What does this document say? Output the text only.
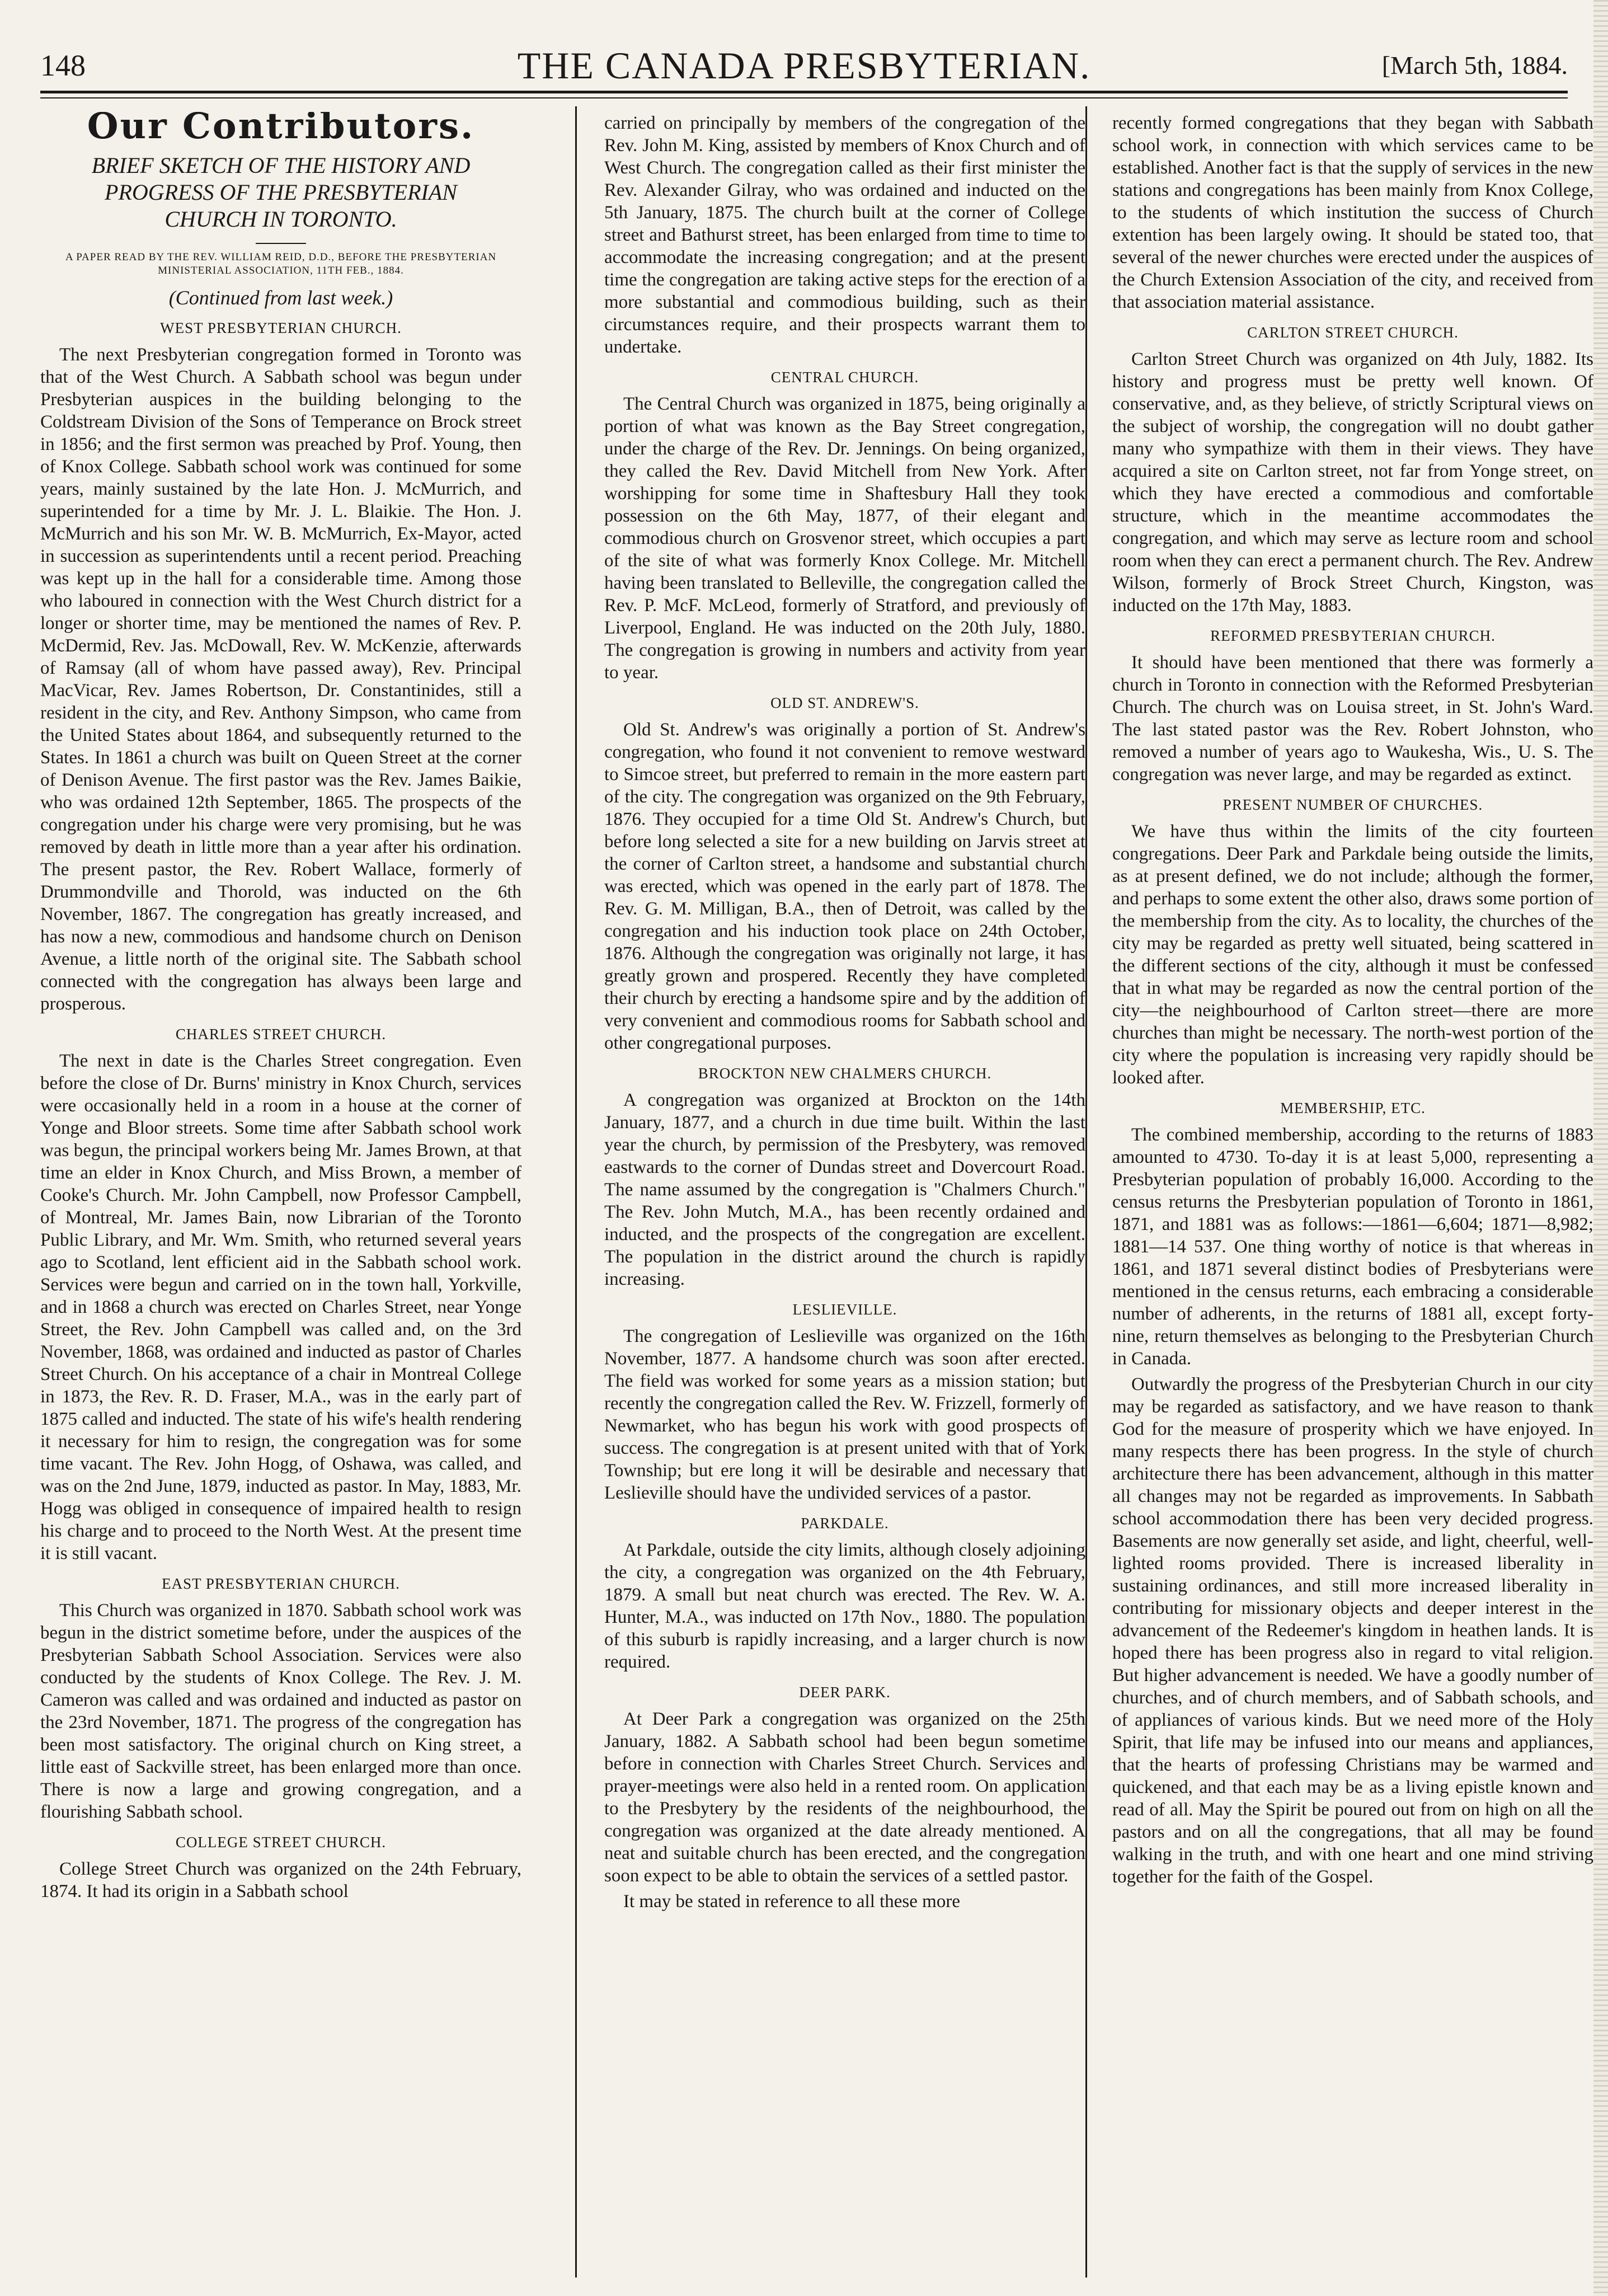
148	THE CANADA PRESBYTERIAN.	[March 5th, 1884.
Our Contributors.
BRIEF SKETCH OF THE HISTORY AND PROGRESS OF THE PRESBYTERIAN CHURCH IN TORONTO.
A PAPER READ BY THE REV. WILLIAM REID, D.D., BEFORE THE PRESBYTERIAN MINISTERIAL ASSOCIATION, 11TH FEB., 1884.
(Continued from last week.)
WEST PRESBYTERIAN CHURCH.

The next Presbyterian congregation formed in Toronto was that of the West Church. A Sabbath school was begun under Presbyterian auspices in the building belonging to the Coldstream Division of the Sons of Temperance on Brock street in 1856; and the first sermon was preached by Prof. Young, then of Knox College. Sabbath school work was continued for some years, mainly sustained by the late Hon. J. McMurrich, and superintended for a time by Mr. J. L. Blaikie. The Hon. J. McMurrich and his son Mr. W. B. McMurrich, Ex-Mayor, acted in succession as superintendents until a recent period. Preaching was kept up in the hall for a considerable time. Among those who laboured in connection with the West Church district for a longer or shorter time, may be mentioned the names of Rev. P. McDermid, Rev. Jas. McDowall, Rev. W. McKenzie, afterwards of Ramsay (all of whom have passed away), Rev. Principal MacVicar, Rev. James Robertson, Dr. Constantinides, still a resident in the city, and Rev. Anthony Simpson, who came from the United States about 1864, and subsequently returned to the States. In 1861 a church was built on Queen Street at the corner of Denison Avenue. The first pastor was the Rev. James Baikie, who was ordained 12th September, 1865. The prospects of the congregation under his charge were very promising, but he was removed by death in little more than a year after his ordination. The present pastor, the Rev. Robert Wallace, formerly of Drummondville and Thorold, was inducted on the 6th November, 1867. The congregation has greatly increased, and has now a new, commodious and handsome church on Denison Avenue, a little north of the original site. The Sabbath school connected with the congregation has always been large and prosperous.

CHARLES STREET CHURCH.

The next in date is the Charles Street congregation. Even before the close of Dr. Burns' ministry in Knox Church, services were occasionally held in a room in a house at the corner of Yonge and Bloor streets. Some time after Sabbath school work was begun, the principal workers being Mr. James Brown, at that time an elder in Knox Church, and Miss Brown, a member of Cooke's Church. Mr. John Campbell, now Professor Campbell, of Montreal, Mr. James Bain, now Librarian of the Toronto Public Library, and Mr. Wm. Smith, who returned several years ago to Scotland, lent efficient aid in the Sabbath school work. Services were begun and carried on in the town hall, Yorkville, and in 1868 a church was erected on Charles Street, near Yonge Street, the Rev. John Campbell was called and, on the 3rd November, 1868, was ordained and inducted as pastor of Charles Street Church. On his acceptance of a chair in Montreal College in 1873, the Rev. R. D. Fraser, M.A., was in the early part of 1875 called and inducted. The state of his wife's health rendering it necessary for him to resign, the congregation was for some time vacant. The Rev. John Hogg, of Oshawa, was called, and was on the 2nd June, 1879, inducted as pastor. In May, 1883, Mr. Hogg was obliged in consequence of impaired health to resign his charge and to proceed to the North West. At the present time it is still vacant.

EAST PRESBYTERIAN CHURCH.

This Church was organized in 1870. Sabbath school work was begun in the district sometime before, under the auspices of the Presbyterian Sabbath School Association. Services were also conducted by the students of Knox College. The Rev. J. M. Cameron was called and was ordained and inducted as pastor on the 23rd November, 1871. The progress of the congregation has been most satisfactory. The original church on King street, a little east of Sackville street, has been enlarged more than once. There is now a large and growing congregation, and a flourishing Sabbath school.

COLLEGE STREET CHURCH.

College Street Church was organized on the 24th February, 1874. It had its origin in a Sabbath school

carried on principally by members of the congregation of the Rev. John M. King, assisted by members of Knox Church and of West Church. The congregation called as their first minister the Rev. Alexander Gilray, who was ordained and inducted on the 5th January, 1875. The church built at the corner of College street and Bathurst street, has been enlarged from time to time to accommodate the increasing congregation; and at the present time the congregation are taking active steps for the erection of a more substantial and commodious building, such as their circumstances require, and their prospects warrant them to undertake.

CENTRAL CHURCH.

The Central Church was organized in 1875, being originally a portion of what was known as the Bay Street congregation, under the charge of the Rev. Dr. Jennings. On being organized, they called the Rev. David Mitchell from New York. After worshipping for some time in Shaftesbury Hall they took possession on the 6th May, 1877, of their elegant and commodious church on Grosvenor street, which occupies a part of the site of what was formerly Knox College. Mr. Mitchell having been translated to Belleville, the congregation called the Rev. P. McF. McLeod, formerly of Stratford, and previously of Liverpool, England. He was inducted on the 20th July, 1880. The congregation is growing in numbers and activity from year to year.

OLD ST. ANDREW'S.

Old St. Andrew's was originally a portion of St. Andrew's congregation, who found it not convenient to remove westward to Simcoe street, but preferred to remain in the more eastern part of the city. The congregation was organized on the 9th February, 1876. They occupied for a time Old St. Andrew's Church, but before long selected a site for a new building on Jarvis street at the corner of Carlton street, a handsome and substantial church was erected, which was opened in the early part of 1878. The Rev. G. M. Milligan, B.A., then of Detroit, was called by the congregation and his induction took place on 24th October, 1876. Although the congregation was originally not large, it has greatly grown and prospered. Recently they have completed their church by erecting a handsome spire and by the addition of very convenient and commodious rooms for Sabbath school and other congregational purposes.

BROCKTON NEW CHALMERS CHURCH.

A congregation was organized at Brockton on the 14th January, 1877, and a church in due time built. Within the last year the church, by permission of the Presbytery, was removed eastwards to the corner of Dundas street and Dovercourt Road. The name assumed by the congregation is "Chalmers Church." The Rev. John Mutch, M.A., has been recently ordained and inducted, and the prospects of the congregation are excellent. The population in the district around the church is rapidly increasing.

LESLIEVILLE.

The congregation of Leslieville was organized on the 16th November, 1877. A handsome church was soon after erected. The field was worked for some years as a mission station; but recently the congregation called the Rev. W. Frizzell, formerly of Newmarket, who has begun his work with good prospects of success. The congregation is at present united with that of York Township; but ere long it will be desirable and necessary that Leslieville should have the undivided services of a pastor.

PARKDALE.

At Parkdale, outside the city limits, although closely adjoining the city, a congregation was organized on the 4th February, 1879. A small but neat church was erected. The Rev. W. A. Hunter, M.A., was inducted on 17th Nov., 1880. The population of this suburb is rapidly increasing, and a larger church is now required.

DEER PARK.

At Deer Park a congregation was organized on the 25th January, 1882. A Sabbath school had been begun sometime before in connection with Charles Street Church. Services and prayer-meetings were also held in a rented room. On application to the Presbytery by the residents of the neighbourhood, the congregation was organized at the date already mentioned. A neat and suitable church has been erected, and the congregation soon expect to be able to obtain the services of a settled pastor.

It may be stated in reference to all these more

recently formed congregations that they began with Sabbath school work, in connection with which services came to be established. Another fact is that the supply of services in the new stations and congregations has been mainly from Knox College, to the students of which institution the success of Church extention has been largely owing. It should be stated too, that several of the newer churches were erected under the auspices of the Church Extension Association of the city, and received from that association material assistance.

CARLTON STREET CHURCH.

Carlton Street Church was organized on 4th July, 1882. Its history and progress must be pretty well known. Of conservative, and, as they believe, of strictly Scriptural views on the subject of worship, the congregation will no doubt gather many who sympathize with them in their views. They have acquired a site on Carlton street, not far from Yonge street, on which they have erected a commodious and comfortable structure, which in the meantime accommodates the congregation, and which may serve as lecture room and school room when they can erect a permanent church. The Rev. Andrew Wilson, formerly of Brock Street Church, Kingston, was inducted on the 17th May, 1883.

REFORMED PRESBYTERIAN CHURCH.

It should have been mentioned that there was formerly a church in Toronto in connection with the Reformed Presbyterian Church. The church was on Louisa street, in St. John's Ward. The last stated pastor was the Rev. Robert Johnston, who removed a number of years ago to Waukesha, Wis., U. S. The congregation was never large, and may be regarded as extinct.

PRESENT NUMBER OF CHURCHES.

We have thus within the limits of the city fourteen congregations. Deer Park and Parkdale being outside the limits, as at present defined, we do not include; although the former, and perhaps to some extent the other also, draws some portion of the membership from the city. As to locality, the churches of the city may be regarded as pretty well situated, being scattered in the different sections of the city, although it must be confessed that in what may be regarded as now the central portion of the city—the neighbourhood of Carlton street—there are more churches than might be necessary. The north-west portion of the city where the population is increasing very rapidly should be looked after.

MEMBERSHIP, ETC.

The combined membership, according to the returns of 1883 amounted to 4730. To-day it is at least 5,000, representing a Presbyterian population of probably 16,000. According to the census returns the Presbyterian population of Toronto in 1861, 1871, and 1881 was as follows:—1861—6,604; 1871—8,982; 1881—14 537. One thing worthy of notice is that whereas in 1861, and 1871 several distinct bodies of Presbyterians were mentioned in the census returns, each embracing a considerable number of adherents, in the returns of 1881 all, except forty-nine, return themselves as belonging to the Presbyterian Church in Canada.

Outwardly the progress of the Presbyterian Church in our city may be regarded as satisfactory, and we have reason to thank God for the measure of prosperity which we have enjoyed. In many respects there has been progress. In the style of church architecture there has been advancement, although in this matter all changes may not be regarded as improvements. In Sabbath school accommodation there has been very decided progress. Basements are now generally set aside, and light, cheerful, well-lighted rooms provided. There is increased liberality in sustaining ordinances, and still more increased liberality in contributing for missionary objects and deeper interest in the advancement of the Redeemer's kingdom in heathen lands. It is hoped there has been progress also in regard to vital religion. But higher advancement is needed. We have a goodly number of churches, and of church members, and of Sabbath schools, and of appliances of various kinds. But we need more of the Holy Spirit, that life may be infused into our means and appliances, that the hearts of professing Christians may be warmed and quickened, and that each may be as a living epistle known and read of all. May the Spirit be poured out from on high on all the pastors and on all the congregations, that all may be found walking in the truth, and with one heart and one mind striving together for the faith of the Gospel.
